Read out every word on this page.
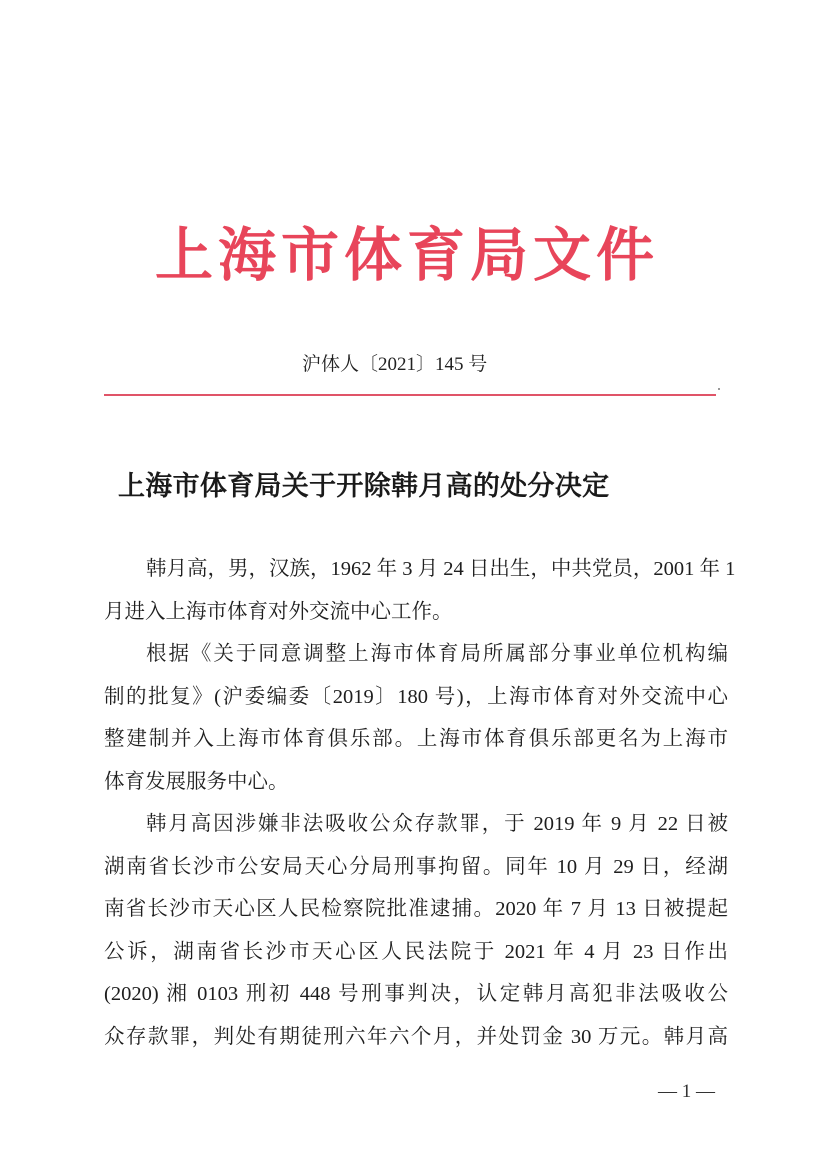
上海市体育局文件
沪体人〔2021〕145 号
上海市体育局关于开除韩月高的处分决定

韩月高，男，汉族，1962 年 3 月 24 日出生，中共党员，2001 年 1
月进入上海市体育对外交流中心工作。

根据《关于同意调整上海市体育局所属部分事业单位机构编
制的批复》(沪委编委〔2019〕180 号)，上海市体育对外交流中心
整建制并入上海市体育俱乐部。上海市体育俱乐部更名为上海市
体育发展服务中心。

韩月高因涉嫌非法吸收公众存款罪，于 2019 年 9 月 22 日被
湖南省长沙市公安局天心分局刑事拘留。同年 10 月 29 日，经湖
南省长沙市天心区人民检察院批准逮捕。2020 年 7 月 13 日被提起
公诉，湖南省长沙市天心区人民法院于 2021 年 4 月 23 日作出
(2020) 湘 0103 刑初 448 号刑事判决，认定韩月高犯非法吸收公
众存款罪，判处有期徒刑六年六个月，并处罚金 30 万元。韩月高

— 1 —
